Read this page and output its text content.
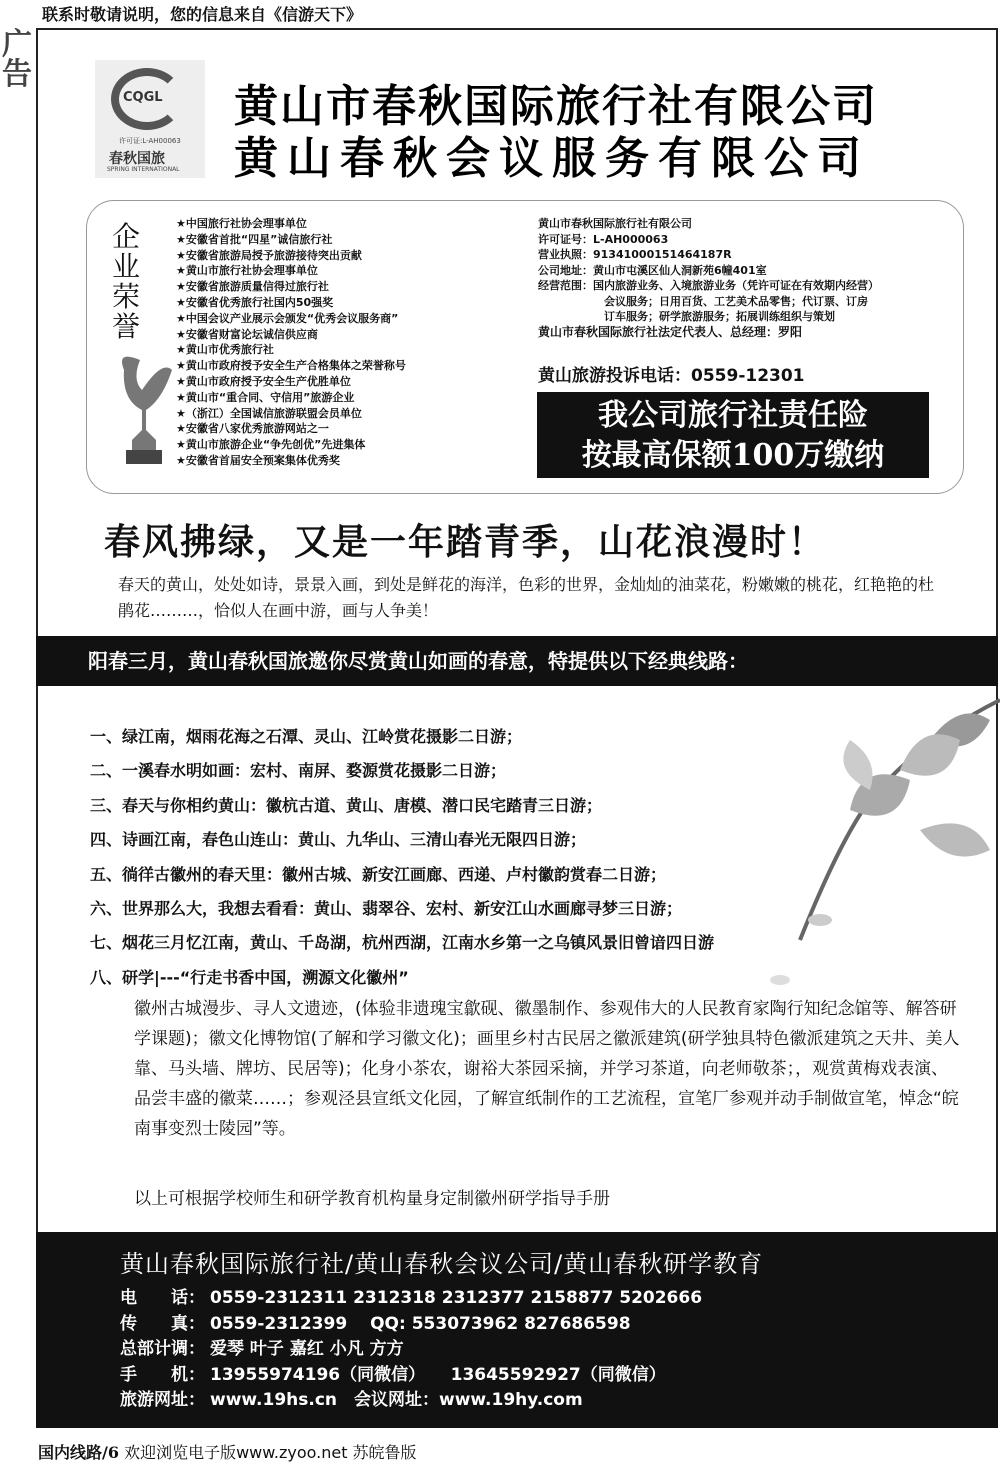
联系时敬请说明，您的信息来自《信游天下》
广告
CQGL
许可证:L-AH00063
春秋国旅
SPRING INTERNATIONAL
黄山市春秋国际旅行社有限公司
黄山春秋会议服务有限公司
企业荣誉
★中国旅行社协会理事单位
★安徽省首批“四星”诚信旅行社
★安徽省旅游局授予旅游接待突出贡献
★黄山市旅行社协会理事单位
★安徽省旅游质量信得过旅行社
★安徽省优秀旅行社国内50强奖
★中国会议产业展示会颁发“优秀会议服务商”
★安徽省财富论坛诚信供应商
★黄山市优秀旅行社
★黄山市政府授予安全生产合格集体之荣誉称号
★黄山市政府授予安全生产优胜单位
★黄山市“重合同、守信用”旅游企业
★（浙江）全国诚信旅游联盟会员单位
★安徽省八家优秀旅游网站之一
★黄山市旅游企业“争先创优”先进集体
★安徽省首届安全预案集体优秀奖
黄山市春秋国际旅行社有限公司
许可证号：L-AH000063
营业执照：91341000151464187R
公司地址：黄山市屯溪区仙人洞新苑6幢401室
经营范围：国内旅游业务、入境旅游业务（凭许可证在有效期内经营）
会议服务；日用百货、工艺美术品零售；代订票、订房
订车服务；研学旅游服务；拓展训练组织与策划
黄山市春秋国际旅行社法定代表人、总经理：罗阳
黄山旅游投诉电话：0559-12301
我公司旅行社责任险
按最高保额100万缴纳
春风拂绿，又是一年踏青季，山花浪漫时！
春天的黄山，处处如诗，景景入画，到处是鲜花的海洋，色彩的世界，金灿灿的油菜花，粉嫩嫩的桃花，红艳艳的杜鹃花………，恰似人在画中游，画与人争美！
阳春三月，黄山春秋国旅邀你尽赏黄山如画的春意，特提供以下经典线路：
一、绿江南，烟雨花海之石潭、灵山、江岭赏花摄影二日游；
二、一溪春水明如画：宏村、南屏、婺源赏花摄影二日游；
三、春天与你相约黄山：徽杭古道、黄山、唐模、潜口民宅踏青三日游；
四、诗画江南，春色山连山：黄山、九华山、三清山春光无限四日游；
五、徜徉古徽州的春天里：徽州古城、新安江画廊、西递、卢村徽韵赏春二日游；
六、世界那么大，我想去看看：黄山、翡翠谷、宏村、新安江山水画廊寻梦三日游；
七、烟花三月忆江南，黄山、千岛湖，杭州西湖，江南水乡第一之乌镇风景旧曾谙四日游
八、研学|---“行走书香中国，溯源文化徽州”
徽州古城漫步、寻人文遗迹，(体验非遗瑰宝歙砚、徽墨制作、参观伟大的人民教育家陶行知纪念馆等、解答研学课题)；徽文化博物馆(了解和学习徽文化)；画里乡村古民居之徽派建筑(研学独具特色徽派建筑之天井、美人靠、马头墙、牌坊、民居等)；化身小茶农，谢裕大茶园采摘，并学习茶道，向老师敬茶；，观赏黄梅戏表演、品尝丰盛的徽菜……；参观泾县宣纸文化园，了解宣纸制作的工艺流程，宣笔厂参观并动手制做宣笔，悼念“皖南事变烈士陵园”等。
以上可根据学校师生和研学教育机构量身定制徽州研学指导手册
黄山春秋国际旅行社/黄山春秋会议公司/黄山春秋研学教育
电　　话： 0559-2312311 2312318 2312377 2158877 5202666
传　　真： 0559-2312399　 QQ: 553073962 827686598
总部计调： 爱琴 叶子 嘉红 小凡 方方
手　　机： 13955974196（同微信）　　13645592927（同微信）
旅游网址： www.19hs.cn　会议网址：www.19hy.com
国内线路/6 欢迎浏览电子版www.zyoo.net 苏皖鲁版
